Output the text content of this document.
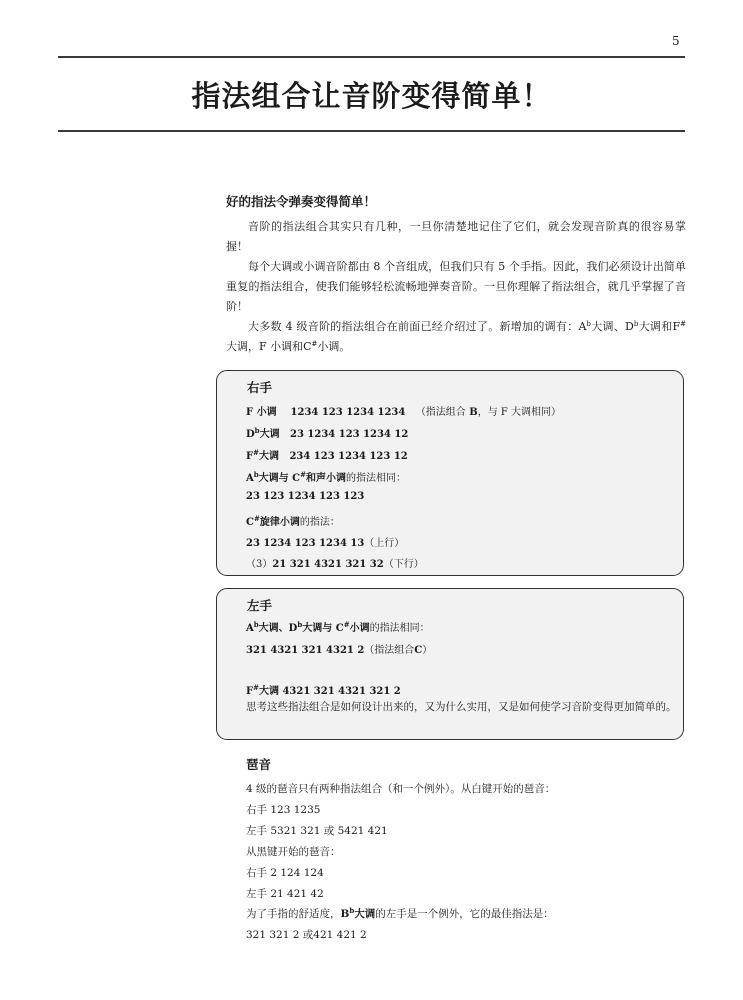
5
指法组合让音阶变得简单！
好的指法令弹奏变得简单！

音阶的指法组合其实只有几种，一旦你清楚地记住了它们，就会发现音阶真的很容易掌握！

每个大调或小调音阶都由 8 个音组成，但我们只有 5 个手指。因此，我们必须设计出简单重复的指法组合，使我们能够轻松流畅地弹奏音阶。一旦你理解了指法组合，就几乎掌握了音阶！

大多数 4 级音阶的指法组合在前面已经介绍过了。新增加的调有：$A^b$大调、$D^b$大调和F#大调，F 小调和C#小调。

右手
F 小调 1234 123 1234 1234 （指法组合 B，与 F 大调相同）
$D^b$大调 23 1234 123 1234 12
F#大调 234 123 1234 123 12
$A^b$大调与 C#和声小调的指法相同：
23 123 1234 123 123
C#旋律小调的指法：
23 1234 123 1234 13（上行）
（3）21 321 4321 321 32（下行）
左手
$A^b$大调、$D^b$大调与 C#小调的指法相同：
321 4321 321 4321 2（指法组合C）
F#大调 4321 321 4321 321 2
思考这些指法组合是如何设计出来的，又为什么实用，又是如何使学习音阶变得更加简单的。
琶音
4 级的琶音只有两种指法组合（和一个例外）。从白键开始的琶音：
右手 123 1235
左手 5321 321 或 5421 421
从黑键开始的琶音：
右手 2 124 124
左手 21 421 42
为了手指的舒适度，$B^b$大调的左手是一个例外，它的最佳指法是：
321 321 2 或421 421 2
